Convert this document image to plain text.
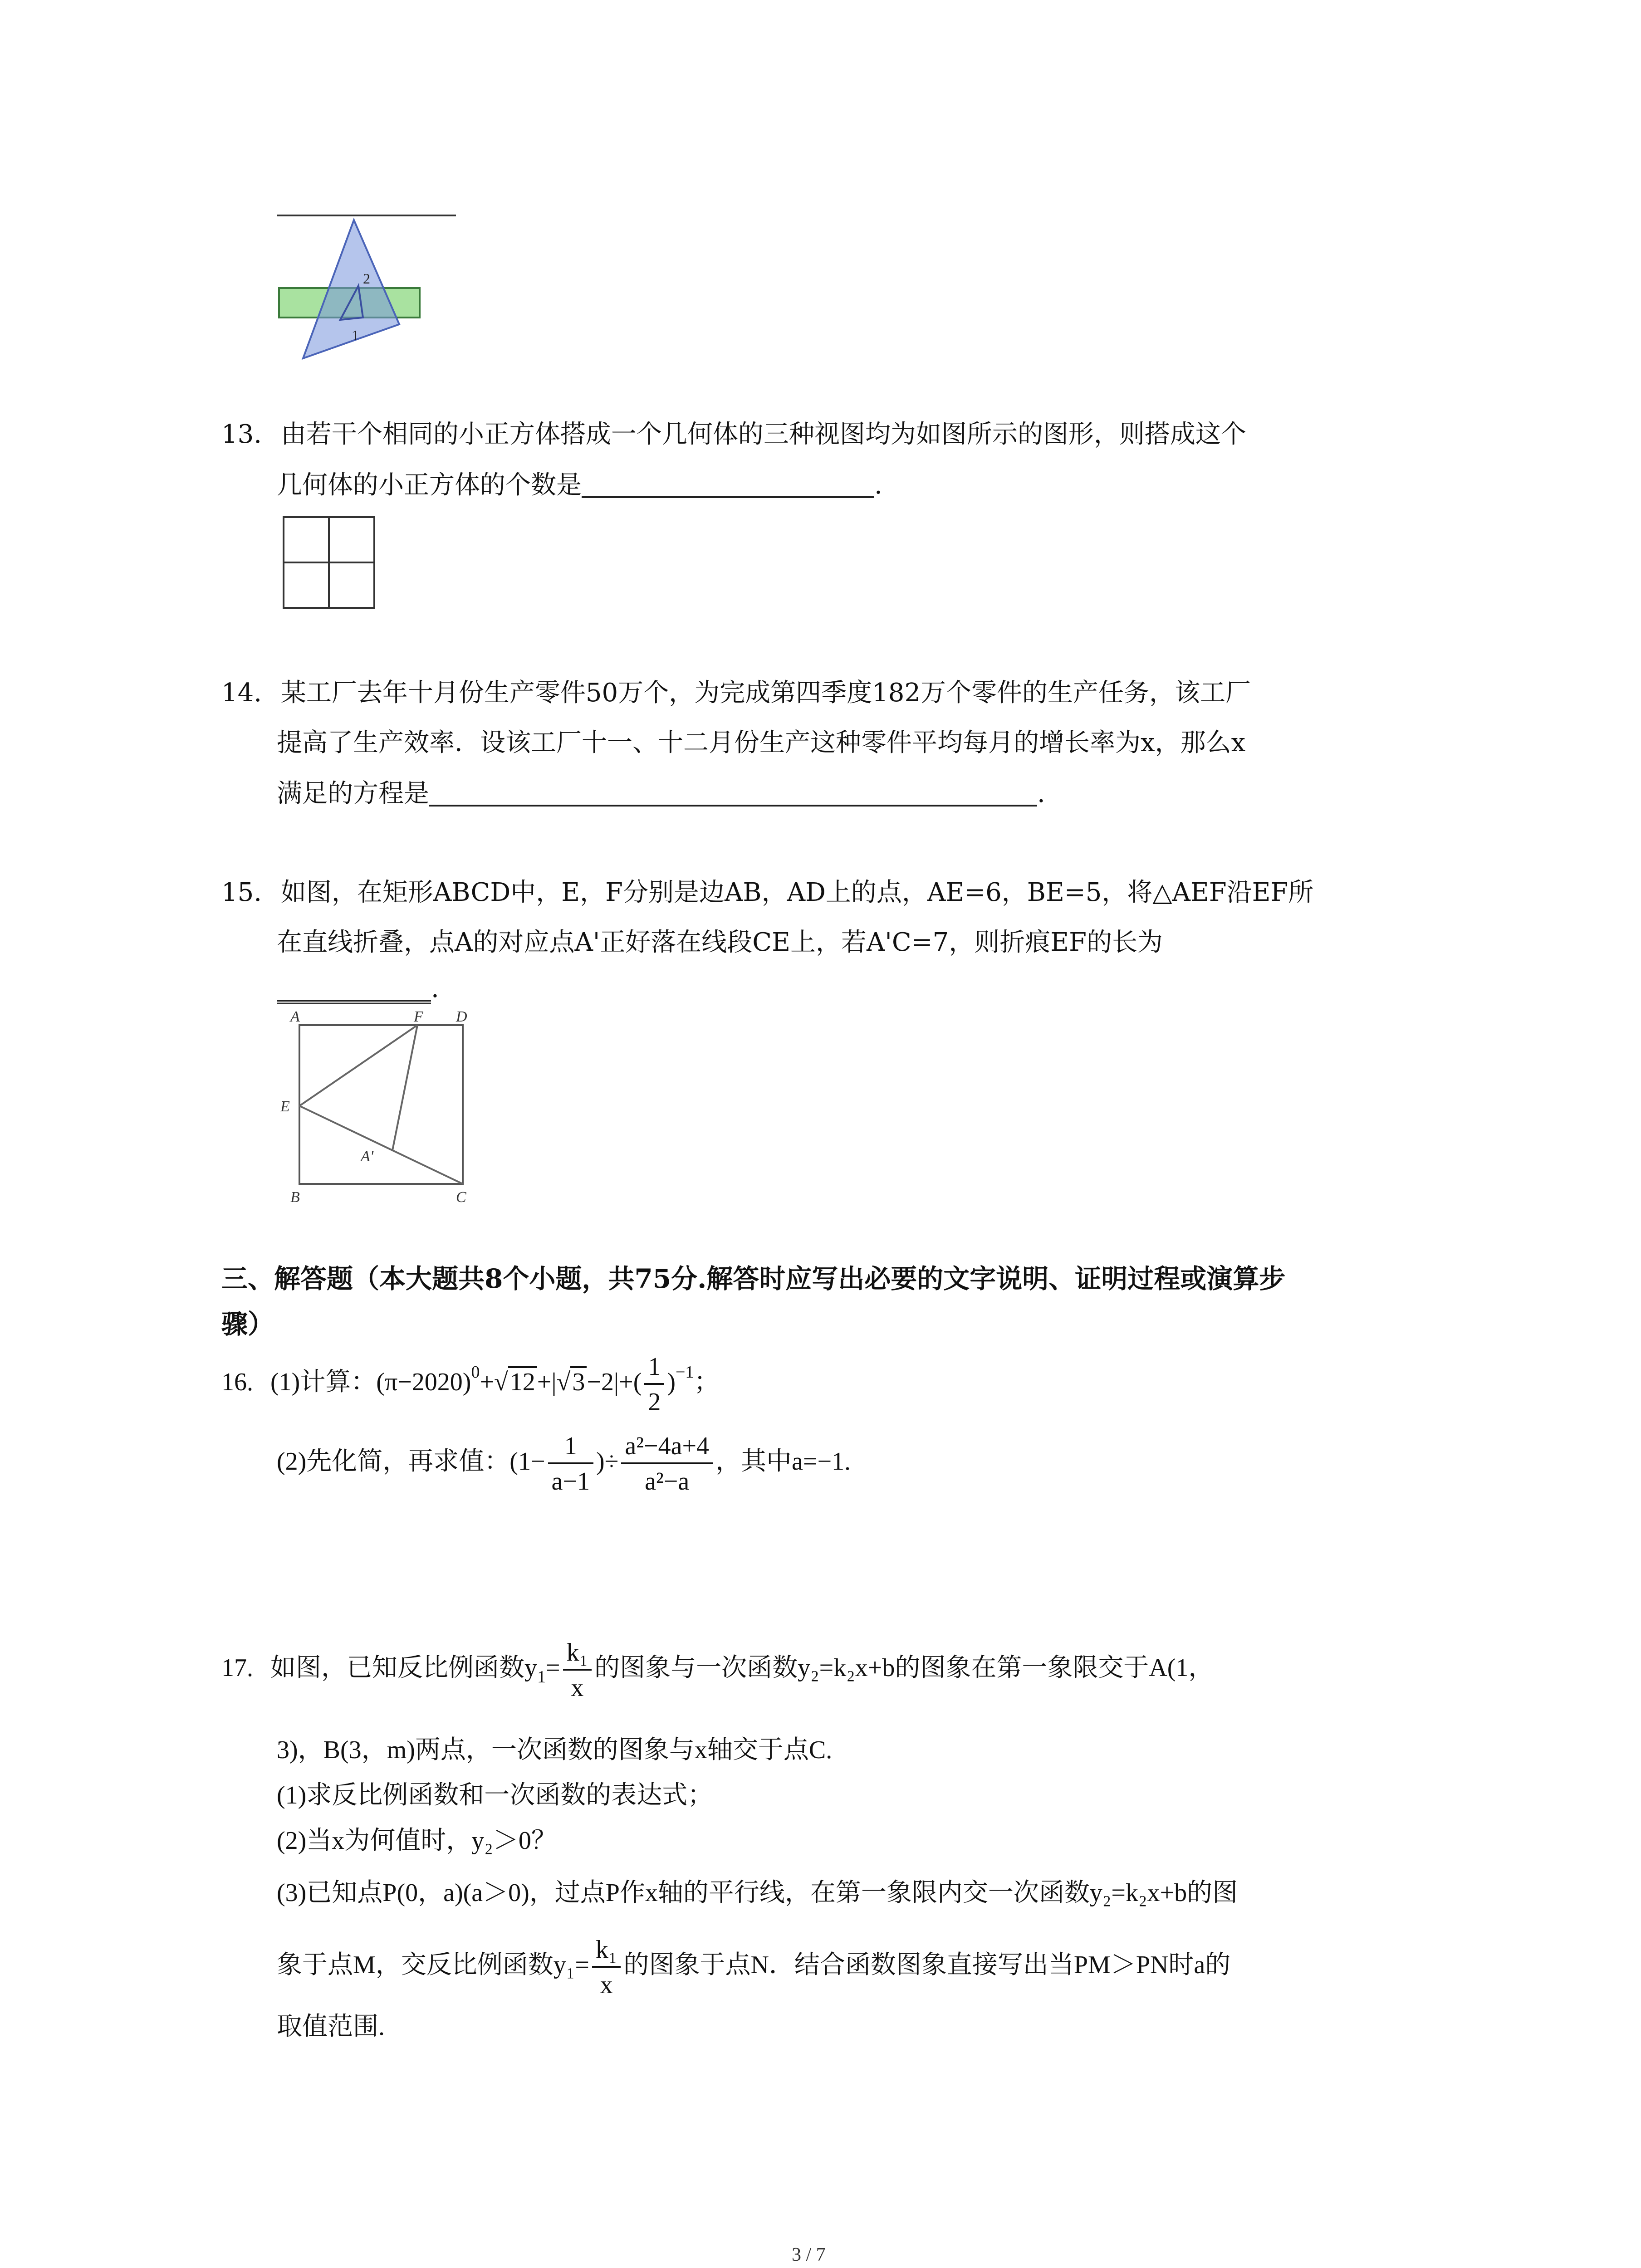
2
1
13. 由若干个相同的小正方体搭成一个几何体的三种视图均为如图所示的图形，则搭成这个
几何体的小正方体的个数是	.
14. 某工厂去年十月份生产零件50万个，为完成第四季度182万个零件的生产任务，该工厂
提高了生产效率．设该工厂十一、十二月份生产这种零件平均每月的增长率为x，那么x
满足的方程是	.
15. 如图，在矩形ABCD中，E，F分别是边AB，AD上的点，AE=6，BE=5，将△AEF沿EF所
在直线折叠，点A的对应点A'正好落在线段CE上，若A'C=7，则折痕EF的长为
.
A	F D
E
A'
B	C
三、解答题（本大题共8个小题，共75分.解答时应写出必要的文字说明、证明过程或演算步
骤）
16. (1)计算：$(\pi-2020)^0+√12+|√3-2|+( \frac{1}{2} )^{-1}$；
(2)先化简，再求值：($1- \frac{1}{a-1}$ )÷ $\frac{\text{a²−4a+4}}{\text{a²−a}}$ ，其中a=−1.
17. 如图，已知反比例函数$y_1= \frac{\text{k₁}}{x}$ 的图象与一次函数y₂=k₂x+b的图象在第一象限交于A(1，
3)，B(3，m)两点，一次函数的图象与x轴交于点C.
(1)求反比例函数和一次函数的表达式；
(2)当x为何值时，y₂＞0？
(3)已知点P(0，a)(a＞0)，过点P作x轴的平行线，在第一象限内交一次函数y₂=k₂x+b的图
象于点M，交反比例函数$y_1= \frac{\text{k₁}}{x}$ 的图象于点N．结合函数图象直接写出当PM＞PN时a的
取值范围.
3 / 7
